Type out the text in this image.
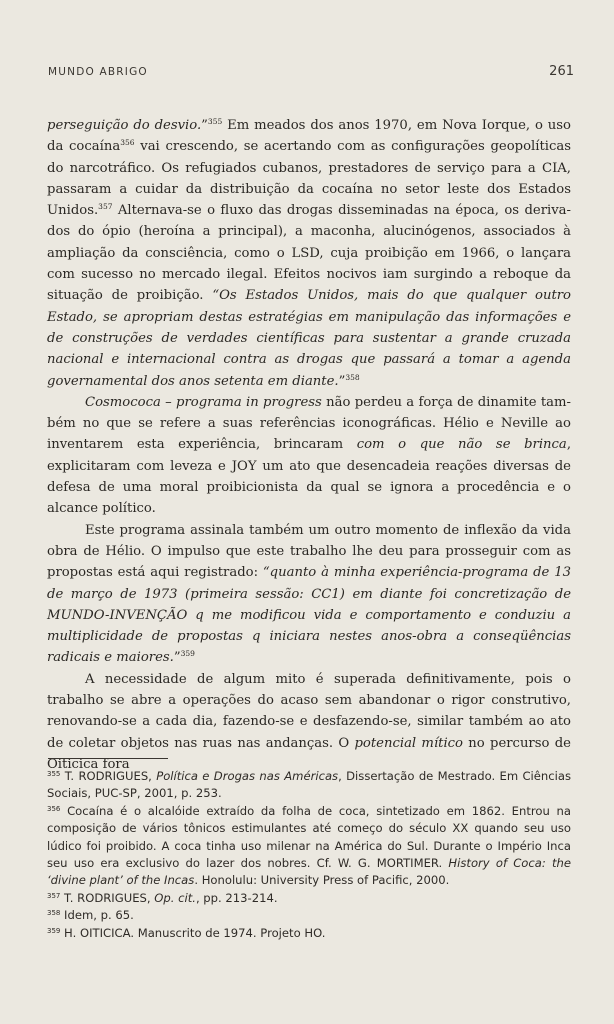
MUNDO ABRIGO	261

perseguição do desvio.”$^{355}$ Em meados dos anos 1970, em Nova Iorque, o uso da cocaína$^{356}$ vai crescendo, se acertando com as configurações geopolíticas do narcotráfico. Os refugiados cubanos, prestadores de serviço para a CIA, passaram a cuidar da distribuição da cocaína no setor leste dos Estados Unidos.$^{357}$ Alternava-se o fluxo das drogas disseminadas na época, os derivados do ópio (heroína a principal), a maconha, alucinógenos, associados à ampliação da consciência, como o LSD, cuja proibição em 1966, o lançara com sucesso no mercado ilegal. Efeitos nocivos iam surgindo a reboque da situação de proibição. “Os Estados Unidos, mais do que qualquer outro Estado, se apropriam destas estratégias em manipulação das informações e de construções de verdades científicas para sustentar a grande cruzada nacional e internacional contra as drogas que passará a tomar a agenda governamental dos anos setenta em diante.”$^{358}$

Cosmococa – programa in progress não perdeu a força de dinamite também no que se refere a suas referências iconográficas. Hélio e Neville ao inventarem esta experiência, brincaram com o que não se brinca, explicitaram com leveza e JOY um ato que desencadeia reações diversas de defesa de uma moral proibicionista da qual se ignora a procedência e o alcance político.

Este programa assinala também um outro momento de inflexão da vida obra de Hélio. O impulso que este trabalho lhe deu para prosseguir com as propostas está aqui registrado: “quanto à minha experiência-programa de 13 de março de 1973 (primeira sessão: CC1) em diante foi concretização de MUNDO-INVENÇÃO q me modificou vida e comportamento e conduziu a multiplicidade de propostas q iniciara nestes anos-obra a conseqüências radicais e maiores.”$^{359}$

A necessidade de algum mito é superada definitivamente, pois o trabalho se abre a operações do acaso sem abandonar o rigor construtivo, renovando-se a cada dia, fazendo-se e desfazendo-se, similar também ao ato de coletar objetos nas ruas nas andanças. O potencial mítico no percurso de Oiticica fora

$^{355}$ T. RODRIGUES, Política e Drogas nas Américas, Dissertação de Mestrado. Em Ciências Sociais, PUC-SP, 2001, p. 253.

$^{356}$ Cocaína é o alcalóide extraído da folha de coca, sintetizado em 1862. Entrou na composição de vários tônicos estimulantes até começo do século XX quando seu uso lúdico foi proibido. A coca tinha uso milenar na América do Sul. Durante o Império Inca seu uso era exclusivo do lazer dos nobres. Cf. W. G. MORTIMER. History of Coca: the ‘divine plant’ of the Incas. Honolulu: University Press of Pacific, 2000.

$^{357}$ T. RODRIGUES, Op. cit., pp. 213-214.

$^{358}$ Idem, p. 65.

$^{359}$ H. OITICICA. Manuscrito de 1974. Projeto HO.
